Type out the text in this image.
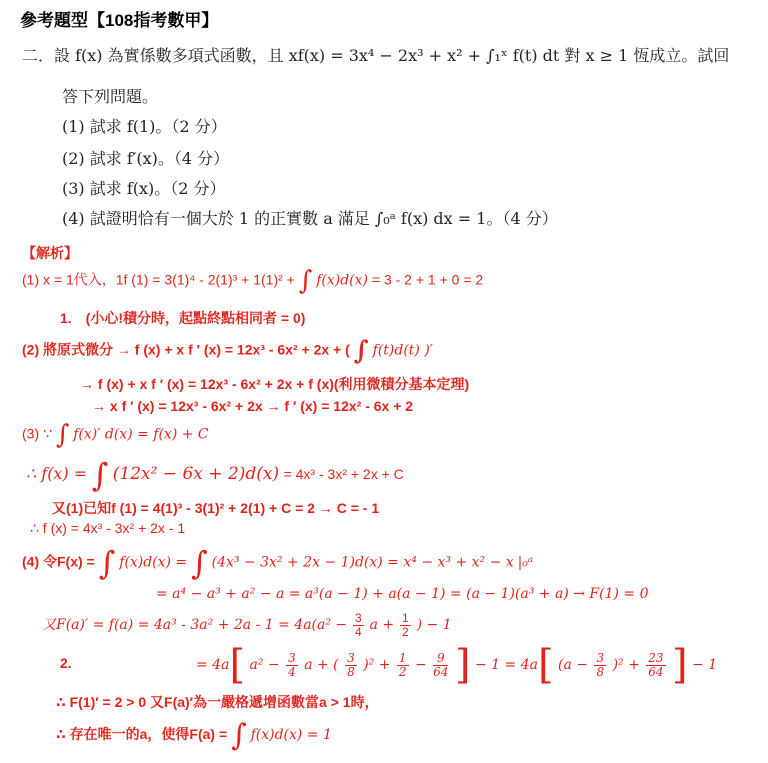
參考題型【108指考數甲】
二．設 f(x) 為實係數多項式函數，且 xf(x) = 3x⁴ − 2x³ + x² + ∫₁ˣ f(t) dt 對 x ≥ 1 恆成立。試回
答下列問題。
(1) 試求 f(1)。（2 分）
(2) 試求 f′(x)。（4 分）
(3) 試求 f(x)。（2 分）
(4) 試證明恰有一個大於 1 的正實數 a 滿足 ∫₀ᵃ f(x) dx = 1。（4 分）
【解析】
(1) x = 1代入，1f (1) = 3(1)⁴ - 2(1)³ + 1(1)² + ∫ f(x)d(x) = 3 - 2 + 1 + 0 = 2
1.　(小心!積分時，起點終點相同者 = 0)
(2) 將原式微分 → f (x) + x f ′ (x) = 12x³ - 6x² + 2x + ( ∫ f(t)d(t) )′
→ f (x) + x f ′ (x) = 12x³ - 6x² + 2x + f (x)(利用微積分基本定理)
→ x f ′ (x) = 12x³ - 6x² + 2x → f ′ (x) = 12x² - 6x + 2
(3) ∵ ∫ f(x)′ d(x) = f(x) + C
∴ f(x) = ∫ (12x² − 6x + 2)d(x) = 4x³ - 3x² + 2x + C
又(1)已知f (1) = 4(1)³ - 3(1)² + 2(1) + C = 2 → C = - 1
∴ f (x) = 4x³ - 3x² + 2x - 1
(4) 令F(x) = ∫ f(x)d(x) = ∫ (4x³ − 3x² + 2x − 1)d(x) = x⁴ − x³ + x² − x |₀ᵃ
= a⁴ − a³ + a² − a = a³(a − 1) + a(a − 1) = (a − 1)(a³ + a) → F(1) = 0
又$F(a)' = f(a) = 4a^3 - 3a^2 + 2a - 1 = 4a(a^2 - \frac{3}{4}$ $a + \frac{1}{2}$ ) − 1
2.	= 4a[ $a^2 - \frac{3}{4}$ a + ( $\frac{3}{8} )^2 + \frac{1}{2} - \frac{9}{64}$ ] − 1 = 4a[ $(a - \frac{3}{8} )^2 + \frac{23}{64}$ ] − 1
∴ F(1)′ = 2 > 0 又F(a)′為一嚴格遞增函數當a > 1時，
∴ 存在唯一的a，使得F(a) = ∫ f(x)d(x) = 1
